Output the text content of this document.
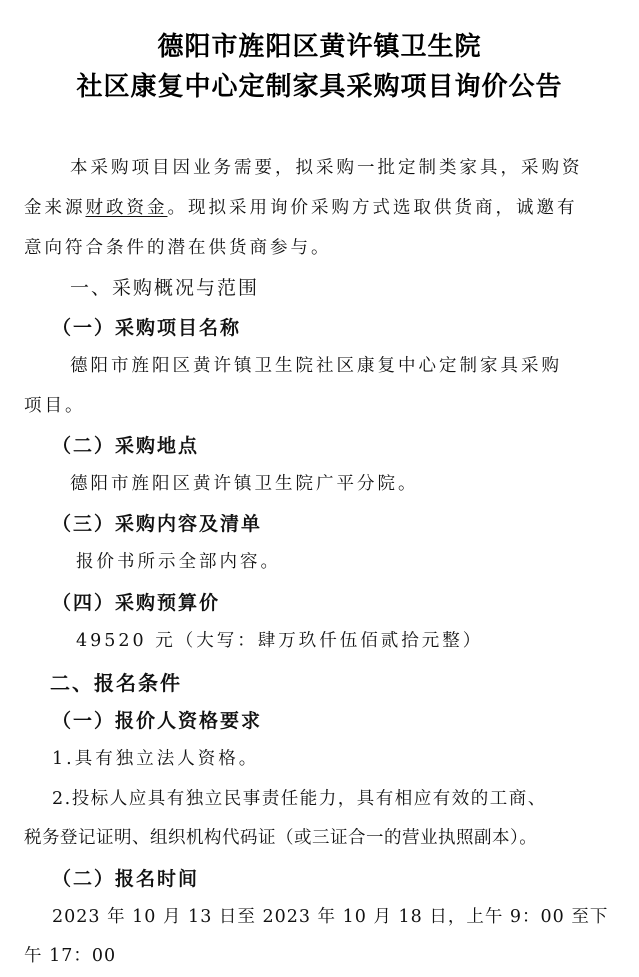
德阳市旌阳区黄许镇卫生院
社区康复中心定制家具采购项目询价公告
本采购项目因业务需要，拟采购一批定制类家具，采购资
金来源财政资金。现拟采用询价采购方式选取供货商，诚邀有
意向符合条件的潜在供货商参与。
一、采购概况与范围
（一）采购项目名称
德阳市旌阳区黄许镇卫生院社区康复中心定制家具采购
项目。
（二）采购地点
德阳市旌阳区黄许镇卫生院广平分院。
（三）采购内容及清单
报价书所示全部内容。
（四）采购预算价
49520 元（大写：肆万玖仟伍佰贰拾元整）
二、报名条件
（一）报价人资格要求
1.具有独立法人资格。
2.投标人应具有独立民事责任能力，具有相应有效的工商、
税务登记证明、组织机构代码证（或三证合一的营业执照副本）。
（二）报名时间
2023 年 10 月 13 日至 2023 年 10 月 18 日，上午 9：00 至下
午 17：00
